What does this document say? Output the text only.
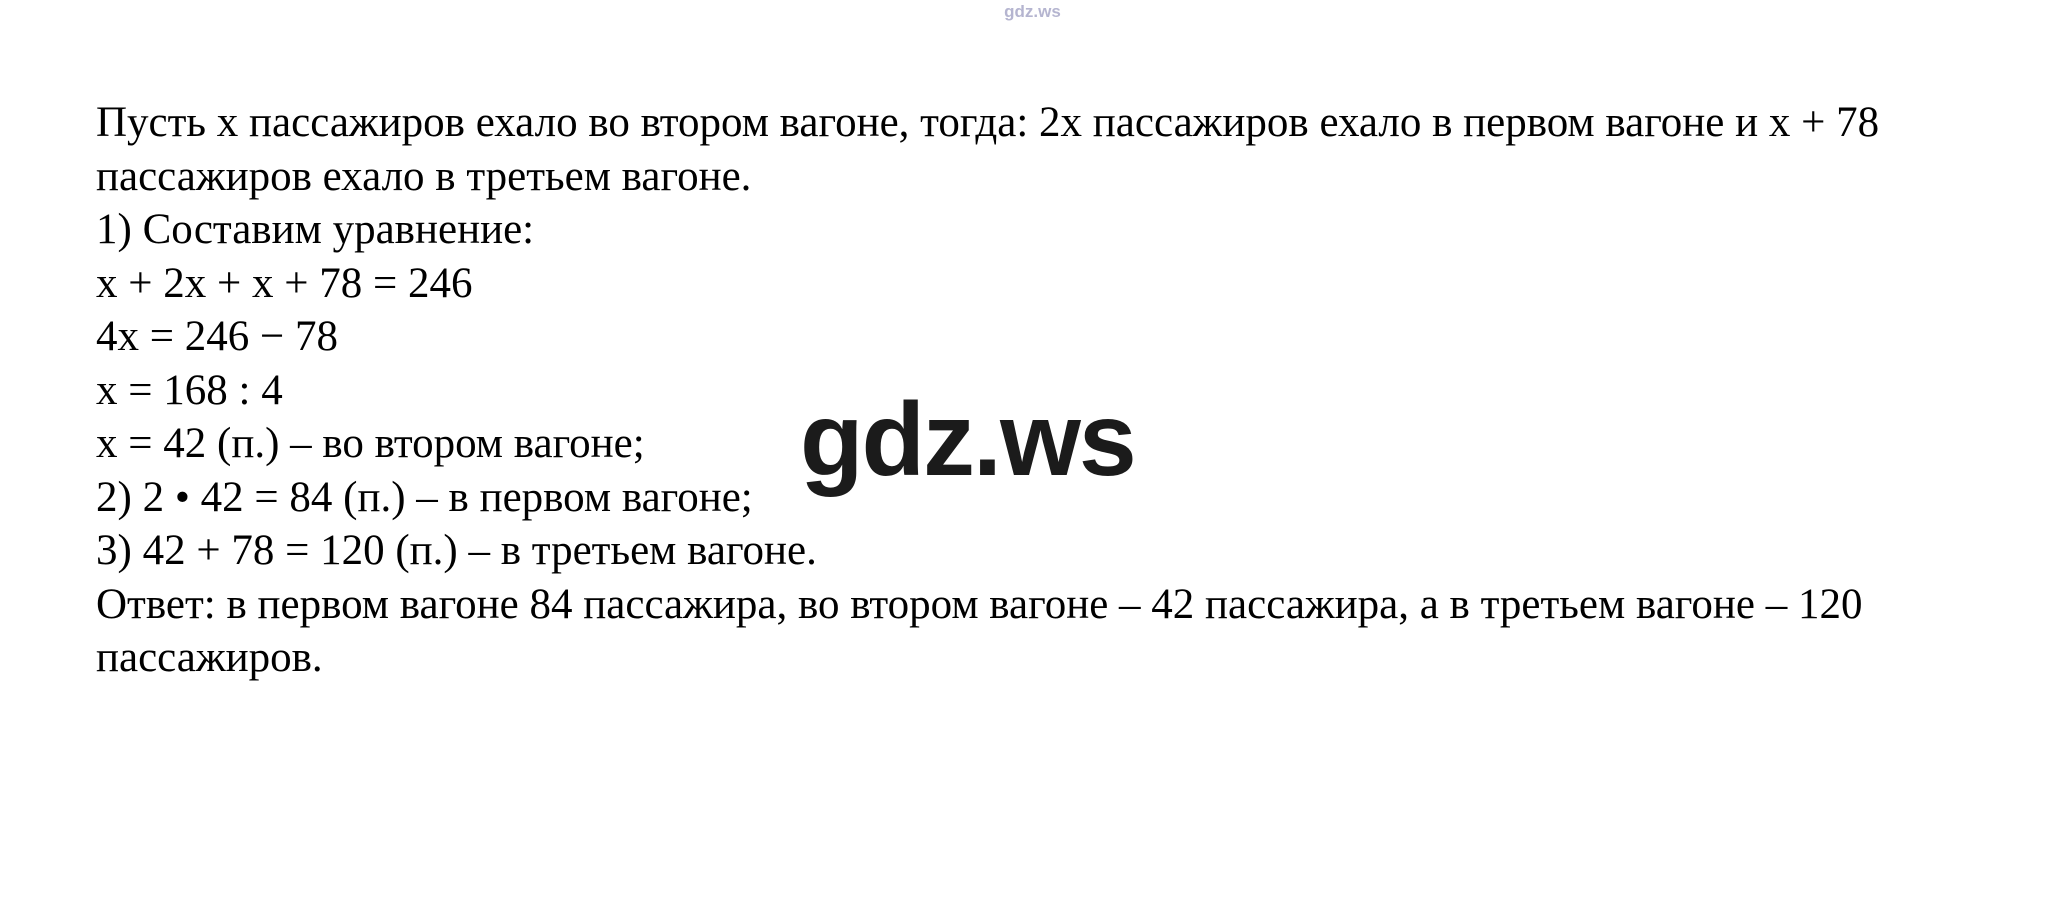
gdz.ws

Пусть х пассажиров ехало во втором вагоне, тогда: 2х пассажиров ехало в первом вагоне и х + 78 пассажиров ехало в третьем вагоне.

1) Составим уравнение:

х + 2х + х + 78 = 246

4х = 246 − 78

х = 168 : 4

х = 42 (п.) – во втором вагоне;

2) 2 • 42 = 84 (п.) – в первом вагоне;

3) 42 + 78 = 120 (п.) – в третьем вагоне.

Ответ: в первом вагоне 84 пассажира, во втором вагоне – 42 пассажира, а в третьем вагоне – 120 пассажиров.

gdz.ws
